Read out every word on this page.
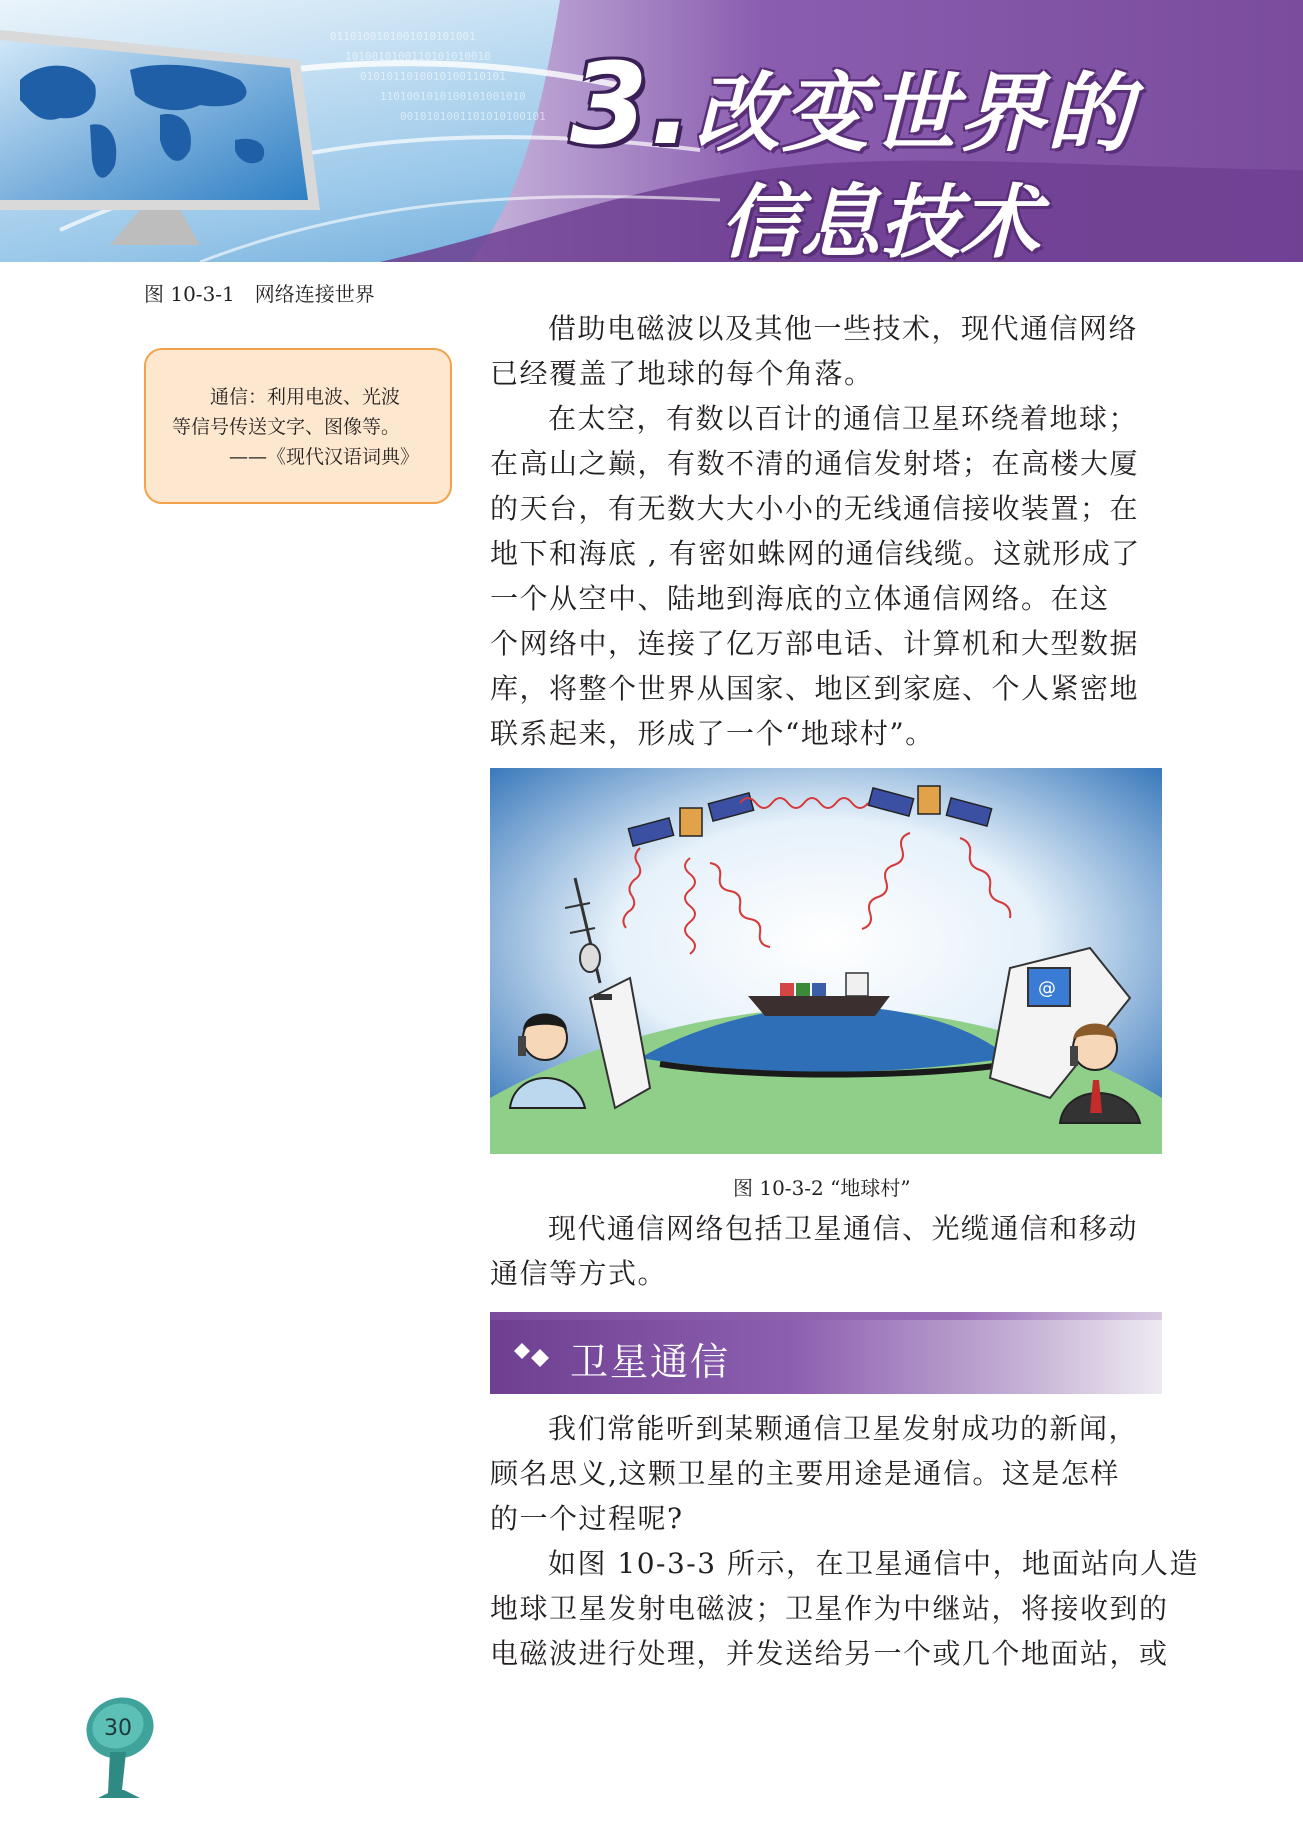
0110100101001010101001
1010010100110101010010
0101011010010100110101
1101001010100101001010
0010101001101010100101 3.改变世界的
信息技术
图 10-3-1　网络连接世界
通信：利用电波、光波
等信号传送文字、图像等。
——《现代汉语词典》
借助电磁波以及其他一些技术，现代通信网络
已经覆盖了地球的每个角落。
在太空，有数以百计的通信卫星环绕着地球；
在高山之巅，有数不清的通信发射塔；在高楼大厦
的天台，有无数大大小小的无线通信接收装置；在
地下和海底 , 有密如蛛网的通信线缆。这就形成了
一个从空中、陆地到海底的立体通信网络。在这
个网络中，连接了亿万部电话、计算机和大型数据
库，将整个世界从国家、地区到家庭、个人紧密地
联系起来，形成了一个“地球村”。
@
图 10-3-2 “地球村”
现代通信网络包括卫星通信、光缆通信和移动
通信等方式。
卫星通信
我们常能听到某颗通信卫星发射成功的新闻，
顾名思义,这颗卫星的主要用途是通信。这是怎样
的一个过程呢?
如图 10-3-3 所示，在卫星通信中，地面站向人造
地球卫星发射电磁波；卫星作为中继站，将接收到的
电磁波进行处理，并发送给另一个或几个地面站，或
30
